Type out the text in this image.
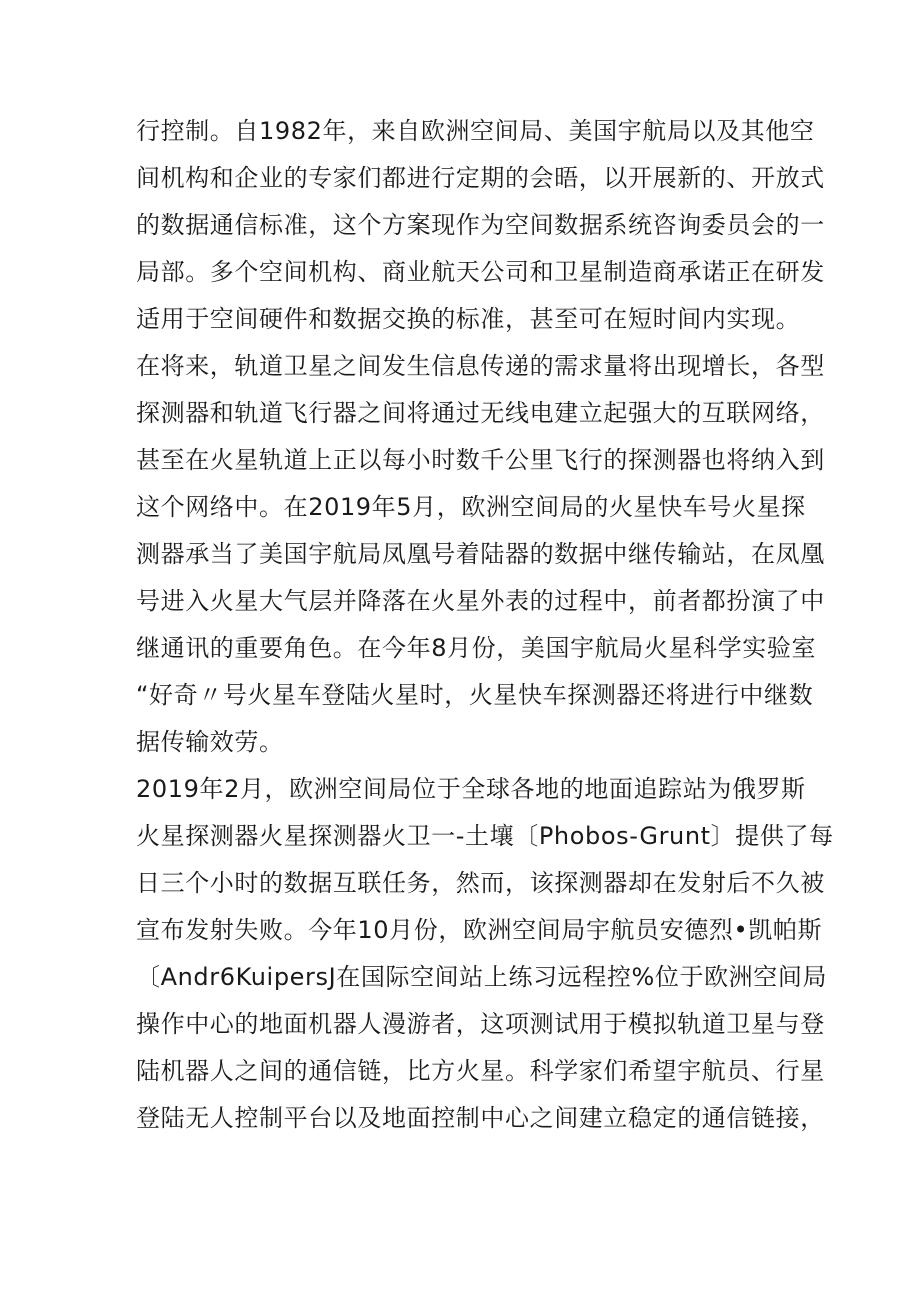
行控制。自1982年，来自欧洲空间局、美国宇航局以及其他空
间机构和企业的专家们都进行定期的会晤，以开展新的、开放式
的数据通信标准，这个方案现作为空间数据系统咨询委员会的一
局部。多个空间机构、商业航天公司和卫星制造商承诺正在研发
适用于空间硬件和数据交换的标准，甚至可在短时间内实现。
在将来，轨道卫星之间发生信息传递的需求量将出现增长，各型
探测器和轨道飞行器之间将通过无线电建立起强大的互联网络，
甚至在火星轨道上正以每小时数千公里飞行的探测器也将纳入到
这个网络中。在2019年5月，欧洲空间局的火星快车号火星探
测器承当了美国宇航局凤凰号着陆器的数据中继传输站，在凤凰
号进入火星大气层并降落在火星外表的过程中，前者都扮演了中
继通讯的重要角色。在今年8月份，美国宇航局火星科学实验室
“好奇〃号火星车登陆火星时，火星快车探测器还将进行中继数
据传输效劳。
2019年2月，欧洲空间局位于全球各地的地面追踪站为俄罗斯
火星探测器火星探测器火卫一-土壤〔Phobos-Grunt〕提供了每
日三个小时的数据互联任务，然而，该探测器却在发射后不久被
宣布发射失败。今年10月份，欧洲空间局宇航员安德烈•凯帕斯
〔Andr6KuipersJ在国际空间站上练习远程控%位于欧洲空间局
操作中心的地面机器人漫游者，这项测试用于模拟轨道卫星与登
陆机器人之间的通信链，比方火星。科学家们希望宇航员、行星
登陆无人控制平台以及地面控制中心之间建立稳定的通信链接，
